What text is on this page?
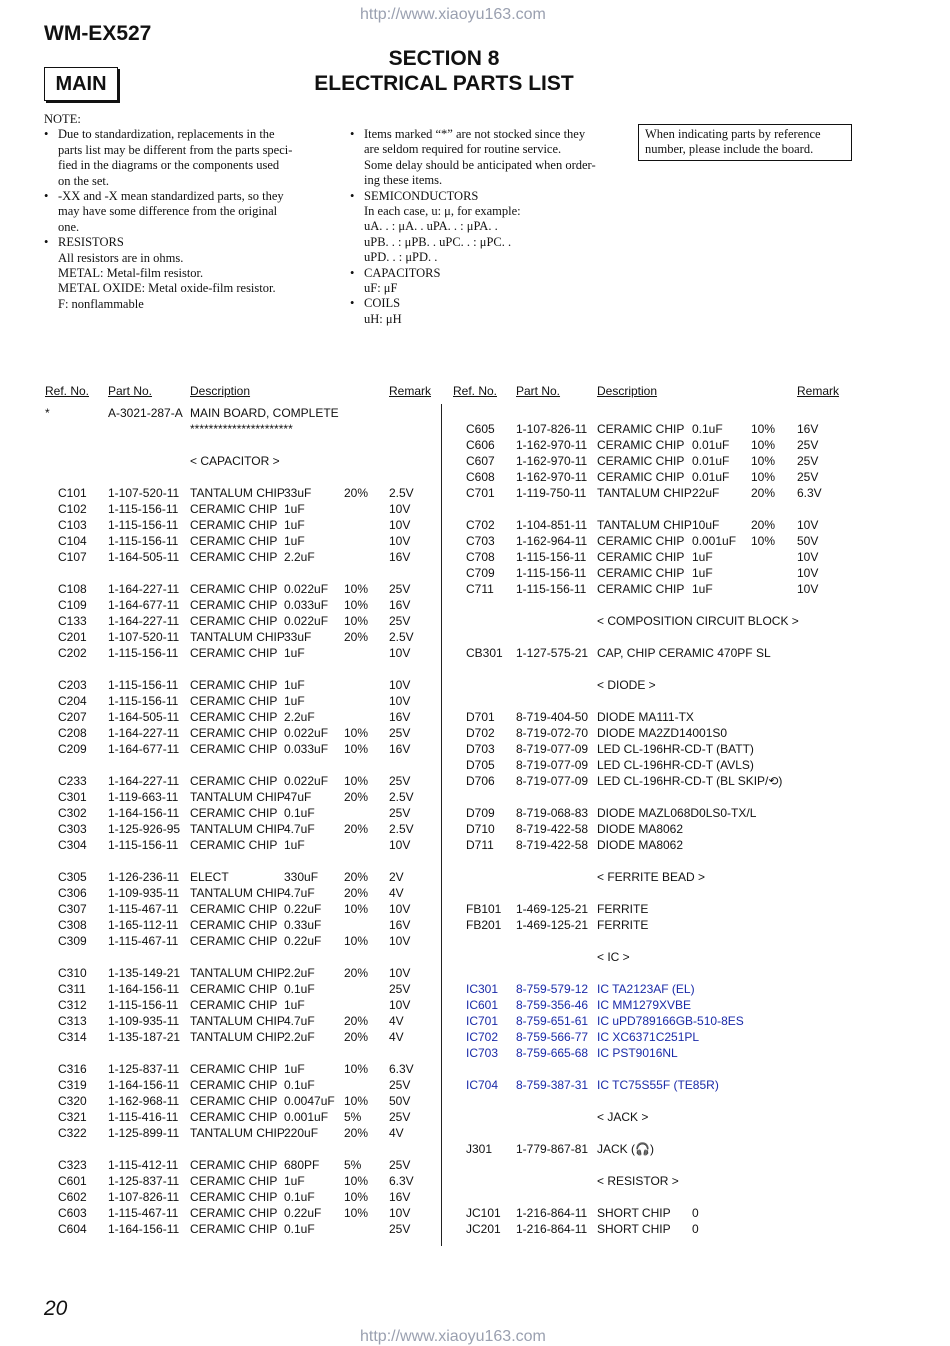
http://www.xiaoyu163.com
WM-EX527
MAIN
SECTION 8
ELECTRICAL PARTS LIST
NOTE:
• Due to standardization, replacements in the
parts list may be different from the parts speci-
fied in the diagrams or the components used
on the set.
• -XX and -X mean standardized parts, so they
may have some difference from the original
one.
• RESISTORS
All resistors are in ohms.
METAL: Metal-film resistor.
METAL OXIDE: Metal oxide-film resistor.
F: nonflammable
• Items marked “*” are not stocked since they
are seldom required for routine service.
Some delay should be anticipated when order-
ing these items.
• SEMICONDUCTORS
In each case, u: μ, for example:
uA. . : μA. . uPA. . : μPA. .
uPB. . : μPB. . uPC. . : μPC. .
uPD. . : μPD. .
• CAPACITORS
uF: μF
• COILS
uH: μH
When indicating parts by reference
number, please include the board.
Ref. No. Part No.	Description	Remark Ref. No. Part No.	Description	Remark
*	A-3021-287-A MAIN BOARD, COMPLETE
**********************
< CAPACITOR >
C101 1-107-520-11 TANTALUM CHIP 33uF	20% 2.5V
C102 1-115-156-11 CERAMIC CHIP 1uF	10V
C103 1-115-156-11 CERAMIC CHIP 1uF	10V
C104 1-115-156-11 CERAMIC CHIP 1uF	10V
C107 1-164-505-11 CERAMIC CHIP 2.2uF	16V
C108 1-164-227-11 CERAMIC CHIP 0.022uF 10% 25V
C109 1-164-677-11 CERAMIC CHIP 0.033uF 10% 16V
C133 1-164-227-11 CERAMIC CHIP 0.022uF 10% 25V
C201 1-107-520-11 TANTALUM CHIP 33uF	20% 2.5V
C202 1-115-156-11 CERAMIC CHIP 1uF	10V
C203 1-115-156-11 CERAMIC CHIP 1uF	10V
C204 1-115-156-11 CERAMIC CHIP 1uF	10V
C207 1-164-505-11 CERAMIC CHIP 2.2uF	16V
C208 1-164-227-11 CERAMIC CHIP 0.022uF 10% 25V
C209 1-164-677-11 CERAMIC CHIP 0.033uF 10% 16V
C233 1-164-227-11 CERAMIC CHIP 0.022uF 10% 25V
C301 1-119-663-11 TANTALUM CHIP 47uF	20% 2.5V
C302 1-164-156-11 CERAMIC CHIP 0.1uF	25V
C303 1-125-926-95 TANTALUM CHIP 4.7uF 20% 2.5V
C304 1-115-156-11 CERAMIC CHIP 1uF	10V
C305 1-126-236-11 ELECT	330uF 20% 2V
C306 1-109-935-11 TANTALUM CHIP 4.7uF 20% 4V
C307 1-115-467-11 CERAMIC CHIP 0.22uF 10% 10V
C308 1-165-112-11 CERAMIC CHIP 0.33uF	16V
C309 1-115-467-11 CERAMIC CHIP 0.22uF 10% 10V
C310 1-135-149-21 TANTALUM CHIP 2.2uF 20% 10V
C311 1-164-156-11 CERAMIC CHIP 0.1uF	25V
C312 1-115-156-11 CERAMIC CHIP 1uF	10V
C313 1-109-935-11 TANTALUM CHIP 4.7uF 20% 4V
C314 1-135-187-21 TANTALUM CHIP 2.2uF 20% 4V
C316 1-125-837-11 CERAMIC CHIP 1uF	10% 6.3V
C319 1-164-156-11 CERAMIC CHIP 0.1uF	25V
C320 1-162-968-11 CERAMIC CHIP 0.0047uF 10% 50V
C321 1-115-416-11 CERAMIC CHIP 0.001uF 5% 25V
C322 1-125-899-11 TANTALUM CHIP 220uF 20% 4V
C323 1-115-412-11 CERAMIC CHIP 680PF 5% 25V
C601 1-125-837-11 CERAMIC CHIP 1uF	10% 6.3V
C602 1-107-826-11 CERAMIC CHIP 0.1uF 10% 16V
C603 1-115-467-11 CERAMIC CHIP 0.22uF 10% 10V
C604 1-164-156-11 CERAMIC CHIP 0.1uF	25V
C605 1-107-826-11 CERAMIC CHIP 0.1uF 10% 16V
C606 1-162-970-11 CERAMIC CHIP 0.01uF 10% 25V
C607 1-162-970-11 CERAMIC CHIP 0.01uF 10% 25V
C608 1-162-970-11 CERAMIC CHIP 0.01uF 10% 25V
C701 1-119-750-11 TANTALUM CHIP 22uF	20% 6.3V
C702 1-104-851-11 TANTALUM CHIP 10uF	20% 10V
C703 1-162-964-11 CERAMIC CHIP 0.001uF 10% 50V
C708 1-115-156-11 CERAMIC CHIP 1uF	10V
C709 1-115-156-11 CERAMIC CHIP 1uF	10V
C711 1-115-156-11 CERAMIC CHIP 1uF	10V
< COMPOSITION CIRCUIT BLOCK >
CB301 1-127-575-21 CAP, CHIP CERAMIC 470PF SL
< DIODE >
D701 8-719-404-50 DIODE MA111-TX
D702 8-719-072-70 DIODE MA2ZD14001S0
D703 8-719-077-09 LED CL-196HR-CD-T (BATT)
D705 8-719-077-09 LED CL-196HR-CD-T (AVLS)
D706 8-719-077-09 LED CL-196HR-CD-T (BL SKIP/⟲)
D709 8-719-068-83 DIODE MAZL068D0LS0-TX/L
D710 8-719-422-58 DIODE MA8062
D711 8-719-422-58 DIODE MA8062
< FERRITE BEAD >
FB101 1-469-125-21 FERRITE
FB201 1-469-125-21 FERRITE
< IC >
IC301 8-759-579-12 IC TA2123AF (EL)
IC601 8-759-356-46 IC MM1279XVBE
IC701 8-759-651-61 IC uPD789166GB-510-8ES
IC702 8-759-566-77 IC XC6371C251PL
IC703 8-759-665-68 IC PST9016NL
IC704 8-759-387-31 IC TC75S55F (TE85R)
< JACK >
J301 1-779-867-81 JACK (🎧)
< RESISTOR >
JC101 1-216-864-11 SHORT CHIP 0
JC201 1-216-864-11 SHORT CHIP 0
20
http://www.xiaoyu163.com
